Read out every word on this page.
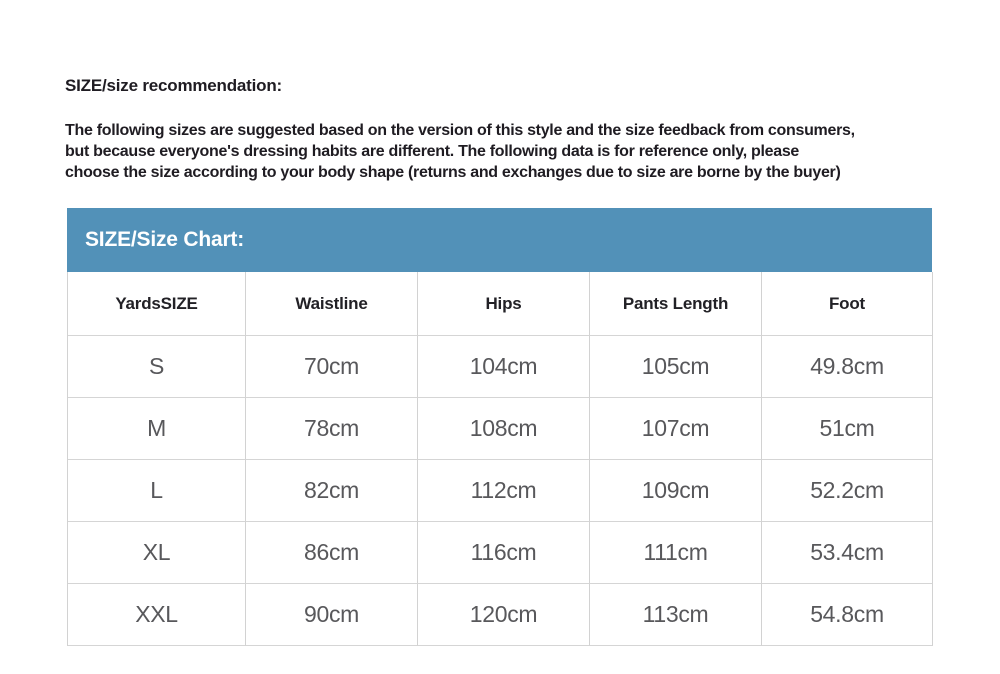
SIZE/size recommendation:
The following sizes are suggested based on the version of this style and the size feedback from consumers,
but because everyone's dressing habits are different. The following data is for reference only, please
choose the size according to your body shape (returns and exchanges due to size are borne by the buyer)
SIZE/Size Chart:
YardsSIZE	Waistline	Hips	Pants Length	Foot
S	70cm	104cm	105cm	49.8cm
M	78cm	108cm	107cm	51cm
L	82cm	112cm	109cm	52.2cm
XL	86cm	116cm	111cm	53.4cm
XXL	90cm	120cm	113cm	54.8cm
